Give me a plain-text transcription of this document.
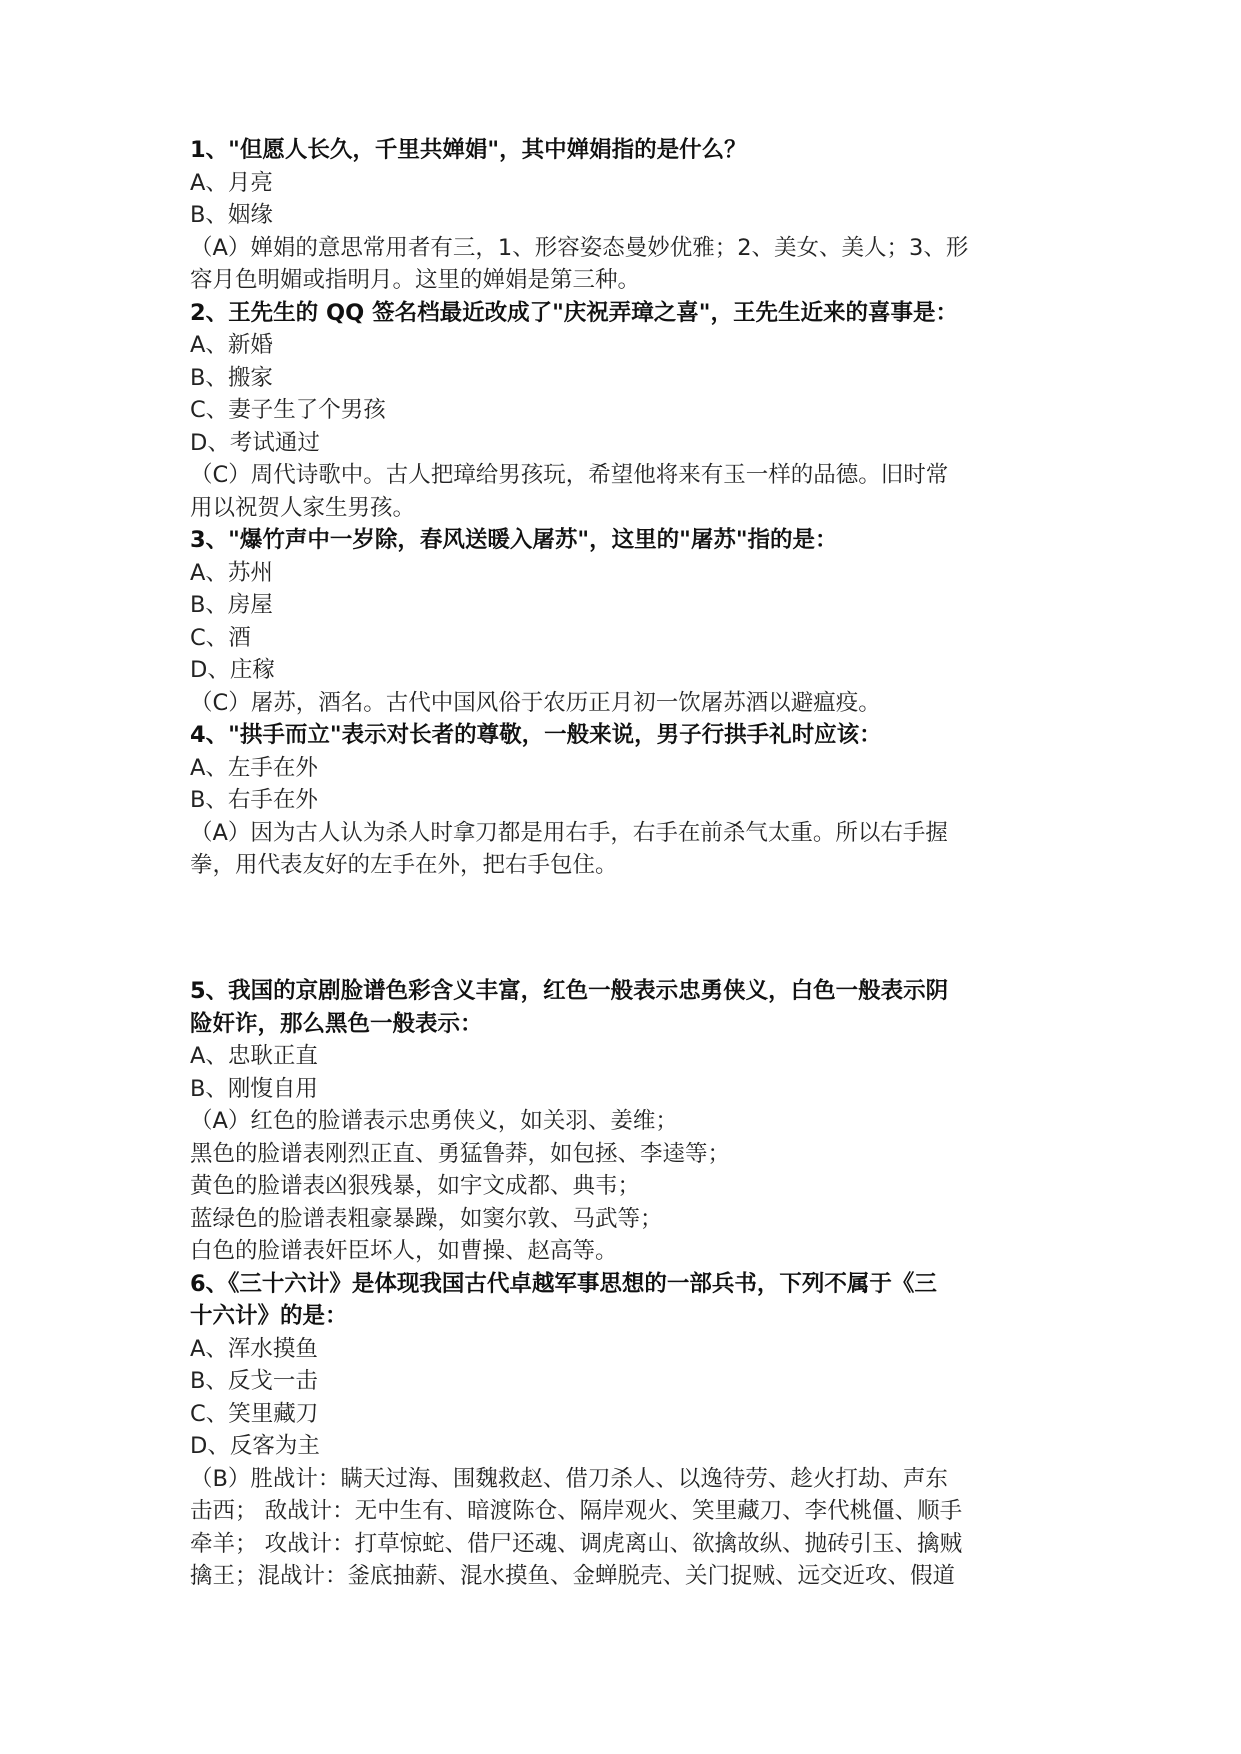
1、"但愿人长久，千里共婵娟"，其中婵娟指的是什么？
A、月亮
B、姻缘
（A）婵娟的意思常用者有三，1、形容姿态曼妙优雅；2、美女、美人；3、形
容月色明媚或指明月。这里的婵娟是第三种。
2、王先生的 QQ 签名档最近改成了"庆祝弄璋之喜"，王先生近来的喜事是：
A、新婚
B、搬家
C、妻子生了个男孩
D、考试通过
（C）周代诗歌中。古人把璋给男孩玩，希望他将来有玉一样的品德。旧时常
用以祝贺人家生男孩。
3、"爆竹声中一岁除，春风送暖入屠苏"，这里的"屠苏"指的是：
A、苏州
B、房屋
C、酒
D、庄稼
（C）屠苏，酒名。古代中国风俗于农历正月初一饮屠苏酒以避瘟疫。
4、"拱手而立"表示对长者的尊敬，一般来说，男子行拱手礼时应该：
A、左手在外
B、右手在外
（A）因为古人认为杀人时拿刀都是用右手，右手在前杀气太重。所以右手握
拳，用代表友好的左手在外，把右手包住。
5、我国的京剧脸谱色彩含义丰富，红色一般表示忠勇侠义，白色一般表示阴
险奸诈，那么黑色一般表示：
A、忠耿正直
B、刚愎自用
（A）红色的脸谱表示忠勇侠义，如关羽、姜维；
黑色的脸谱表刚烈正直、勇猛鲁莽，如包拯、李逵等；
黄色的脸谱表凶狠残暴，如宇文成都、典韦；
蓝绿色的脸谱表粗豪暴躁，如窦尔敦、马武等；
白色的脸谱表奸臣坏人，如曹操、赵高等。
6、《三十六计》是体现我国古代卓越军事思想的一部兵书，下列不属于《三
十六计》的是：
A、浑水摸鱼
B、反戈一击
C、笑里藏刀
D、反客为主
（B）胜战计：瞒天过海、围魏救赵、借刀杀人、以逸待劳、趁火打劫、声东
击西； 敌战计：无中生有、暗渡陈仓、隔岸观火、笑里藏刀、李代桃僵、顺手
牵羊； 攻战计：打草惊蛇、借尸还魂、调虎离山、欲擒故纵、抛砖引玉、擒贼
擒王；混战计：釜底抽薪、混水摸鱼、金蝉脱壳、关门捉贼、远交近攻、假道
